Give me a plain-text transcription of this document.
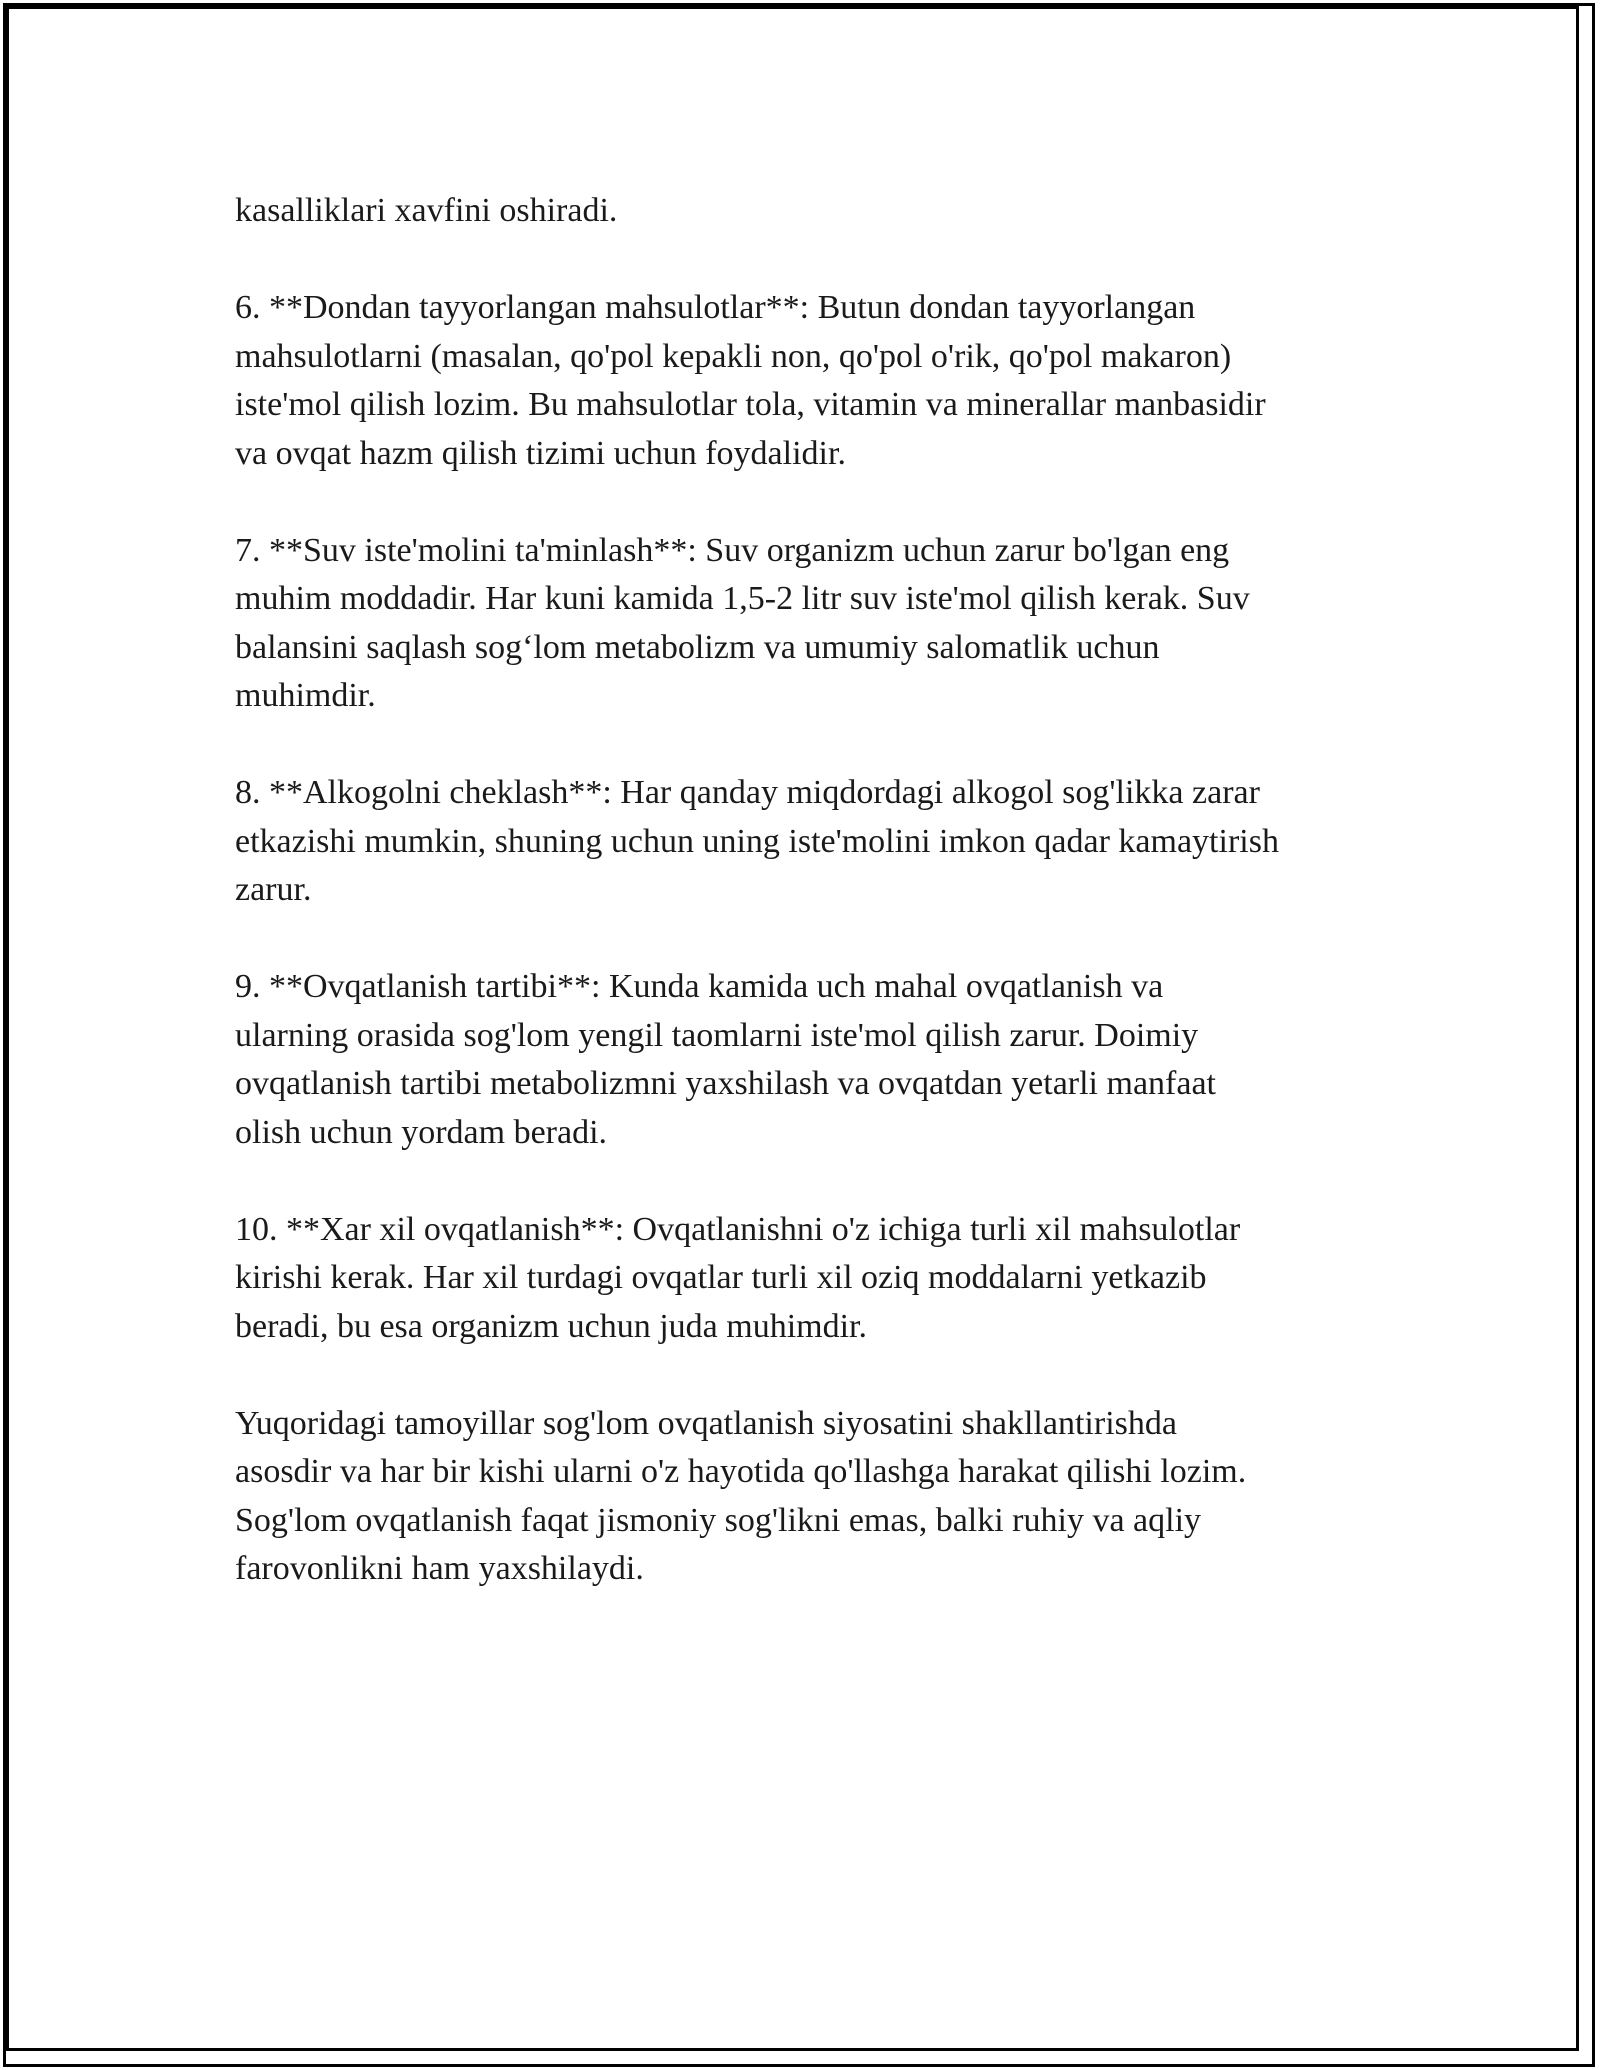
kasalliklari xavfini oshiradi.

6. **Dondan tayyorlangan mahsulotlar**: Butun dondan tayyorlangan
mahsulotlarni (masalan, qo'pol kepakli non, qo'pol o'rik, qo'pol makaron)
iste'mol qilish lozim. Bu mahsulotlar tola, vitamin va minerallar manbasidir
va ovqat hazm qilish tizimi uchun foydalidir.

7. **Suv iste'molini ta'minlash**: Suv organizm uchun zarur bo'lgan eng
muhim moddadir. Har kuni kamida 1,5-2 litr suv iste'mol qilish kerak. Suv
balansini saqlash sog‘lom metabolizm va umumiy salomatlik uchun
muhimdir.

8. **Alkogolni cheklash**: Har qanday miqdordagi alkogol sog'likka zarar
etkazishi mumkin, shuning uchun uning iste'molini imkon qadar kamaytirish
zarur.

9. **Ovqatlanish tartibi**: Kunda kamida uch mahal ovqatlanish va
ularning orasida sog'lom yengil taomlarni iste'mol qilish zarur. Doimiy
ovqatlanish tartibi metabolizmni yaxshilash va ovqatdan yetarli manfaat
olish uchun yordam beradi.

10. **Xar xil ovqatlanish**: Ovqatlanishni o'z ichiga turli xil mahsulotlar
kirishi kerak. Har xil turdagi ovqatlar turli xil oziq moddalarni yetkazib
beradi, bu esa organizm uchun juda muhimdir.

Yuqoridagi tamoyillar sog'lom ovqatlanish siyosatini shakllantirishda
asosdir va har bir kishi ularni o'z hayotida qo'llashga harakat qilishi lozim.
Sog'lom ovqatlanish faqat jismoniy sog'likni emas, balki ruhiy va aqliy
farovonlikni ham yaxshilaydi.
